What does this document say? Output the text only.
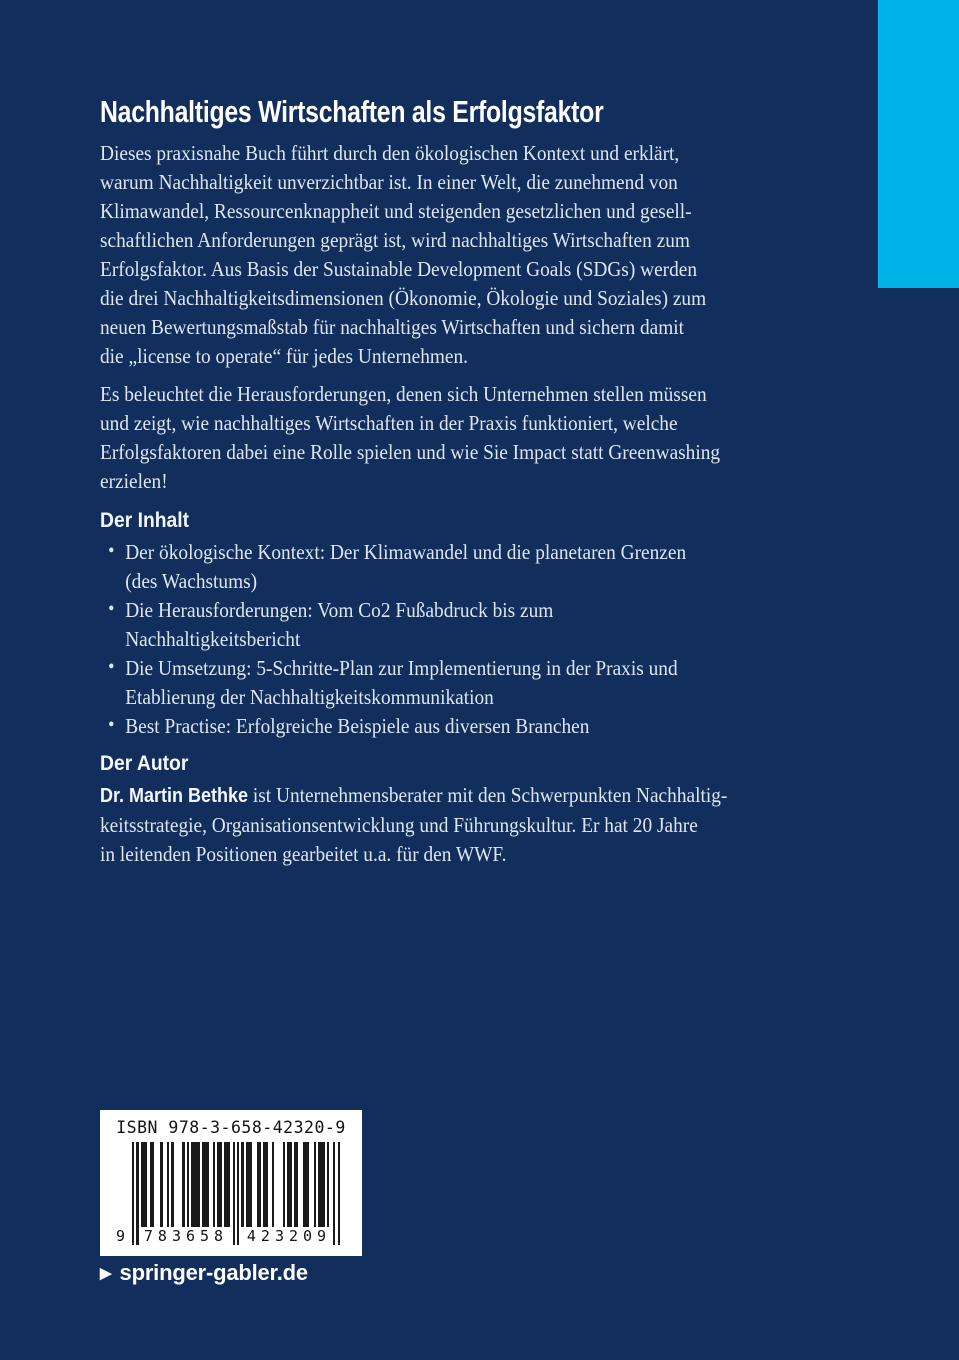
Nachhaltiges Wirtschaften als Erfolgsfaktor
Dieses praxisnahe Buch führt durch den ökologischen Kontext und erklärt,
warum Nachhaltigkeit unverzichtbar ist. In einer Welt, die zunehmend von
Klimawandel, Ressourcenknappheit und steigenden gesetzlichen und gesell-
schaftlichen Anforderungen geprägt ist, wird nachhaltiges Wirtschaften zum
Erfolgsfaktor. Aus Basis der Sustainable Development Goals (SDGs) werden
die drei Nachhaltigkeitsdimensionen (Ökonomie, Ökologie und Soziales) zum
neuen Bewertungsmaßstab für nachhaltiges Wirtschaften und sichern damit
die „license to operate“ für jedes Unternehmen.
Es beleuchtet die Herausforderungen, denen sich Unternehmen stellen müssen
und zeigt, wie nachhaltiges Wirtschaften in der Praxis funktioniert, welche
Erfolgsfaktoren dabei eine Rolle spielen und wie Sie Impact statt Greenwashing
erzielen!
Der Inhalt
• Der ökologische Kontext: Der Klimawandel und die planetaren Grenzen
(des Wachstums)
• Die Herausforderungen: Vom Co2 Fußabdruck bis zum
Nachhaltigkeitsbericht
• Die Umsetzung: 5-Schritte-Plan zur Implementierung in der Praxis und
Etablierung der Nachhaltigkeitskommunikation
• Best Practise: Erfolgreiche Beispiele aus diversen Branchen
Der Autor
Dr. Martin Bethke ist Unternehmensberater mit den Schwerpunkten Nachhaltig-
keitsstrategie, Organisationsentwicklung und Führungskultur. Er hat 20 Jahre
in leitenden Positionen gearbeitet u.a. für den WWF.
ISBN 978-3-658-42320-9
9 783658 423209
▶ springer-gabler.de
